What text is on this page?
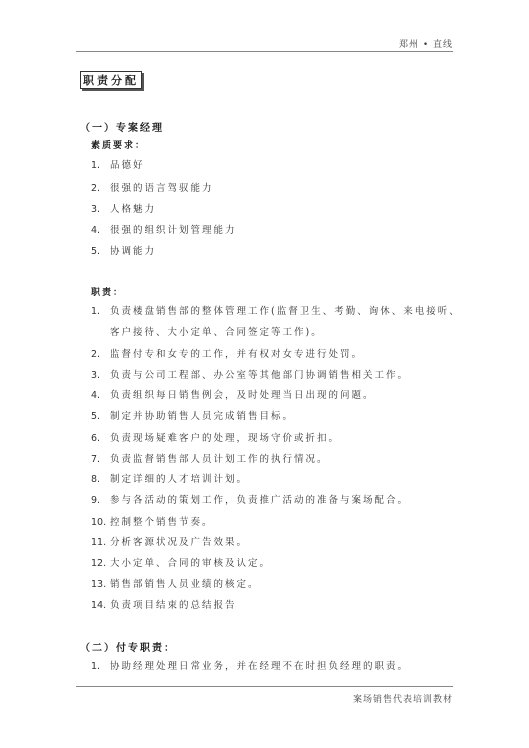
郑州 • 直线
职责分配
（一）专案经理
素质要求：
1. 品德好
2. 很强的语言驾驭能力
3. 人格魅力
4. 很强的组织计划管理能力
5. 协调能力
职责：
1. 负责楼盘销售部的整体管理工作(监督卫生、考勤、询休、来电接听、
客户接待、大小定单、合同签定等工作)。
2. 监督付专和女专的工作，并有权对女专进行处罚。
3. 负责与公司工程部、办公室等其他部门协调销售相关工作。
4. 负责组织每日销售例会，及时处理当日出现的问题。
5. 制定并协助销售人员完成销售目标。
6. 负责现场疑难客户的处理，现场守价或折扣。
7. 负责监督销售部人员计划工作的执行情况。
8. 制定详细的人才培训计划。
9. 参与各活动的策划工作，负责推广活动的准备与案场配合。
10. 控制整个销售节奏。
11. 分析客源状况及广告效果。
12. 大小定单、合同的审核及认定。
13. 销售部销售人员业绩的核定。
14. 负责项目结束的总结报告
（二）付专职责：
1. 协助经理处理日常业务，并在经理不在时担负经理的职责。
案场销售代表培训教材
